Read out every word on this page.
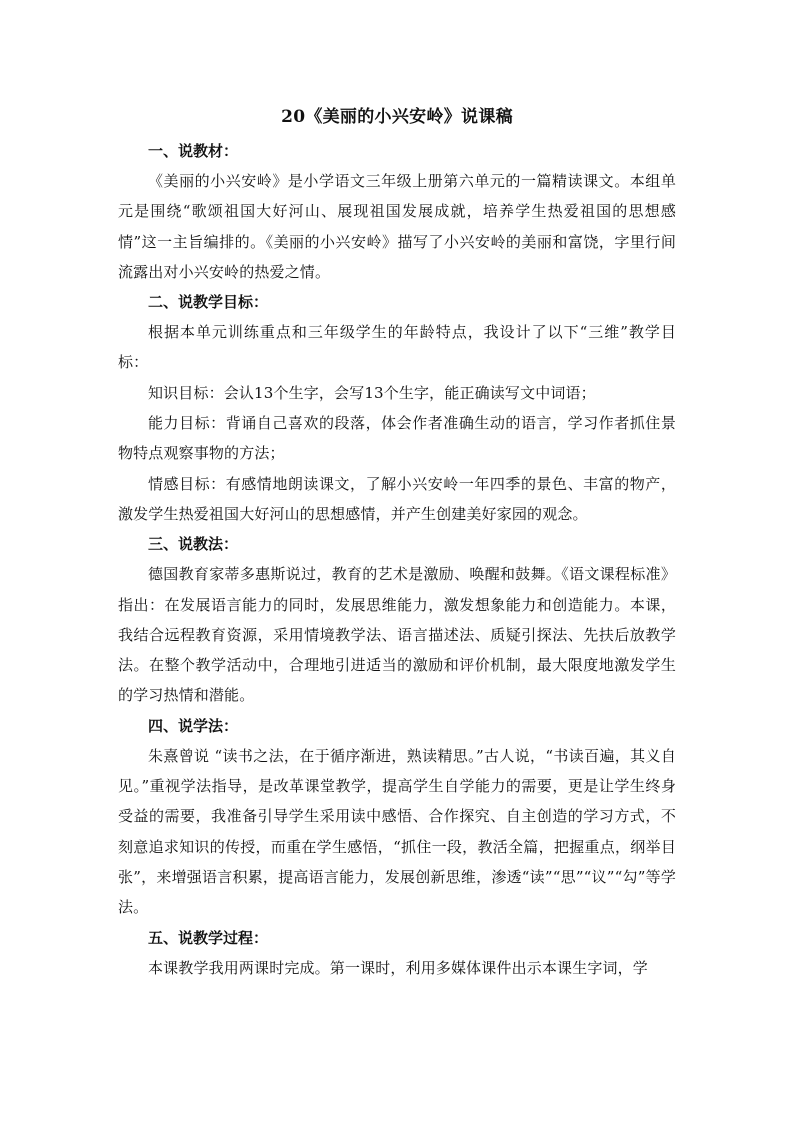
20《美丽的小兴安岭》说课稿

一、说教材：

《美丽的小兴安岭》是小学语文三年级上册第六单元的一篇精读课文。本组单元是围绕“歌颂祖国大好河山、展现祖国发展成就，培养学生热爱祖国的思想感情”这一主旨编排的。《美丽的小兴安岭》描写了小兴安岭的美丽和富饶，字里行间流露出对小兴安岭的热爱之情。

二、说教学目标：

根据本单元训练重点和三年级学生的年龄特点，我设计了以下“三维”教学目标：

知识目标：会认13个生字，会写13个生字，能正确读写文中词语；

能力目标：背诵自己喜欢的段落，体会作者准确生动的语言，学习作者抓住景物特点观察事物的方法；

情感目标：有感情地朗读课文，了解小兴安岭一年四季的景色、丰富的物产，激发学生热爱祖国大好河山的思想感情，并产生创建美好家园的观念。

三、说教法：

德国教育家蒂多惠斯说过，教育的艺术是激励、唤醒和鼓舞。《语文课程标准》指出：在发展语言能力的同时，发展思维能力，激发想象能力和创造能力。本课，我结合远程教育资源，采用情境教学法、语言描述法、质疑引探法、先扶后放教学法。在整个教学活动中，合理地引进适当的激励和评价机制，最大限度地激发学生的学习热情和潜能。

四、说学法：

朱熹曾说 “读书之法，在于循序渐进，熟读精思。”古人说，“书读百遍，其义自见。”重视学法指导，是改革课堂教学，提高学生自学能力的需要，更是让学生终身受益的需要，我准备引导学生采用读中感悟、合作探究、自主创造的学习方式，不刻意追求知识的传授，而重在学生感悟，“抓住一段，教活全篇，把握重点，纲举目张”，来增强语言积累，提高语言能力，发展创新思维，渗透“读”“思”“议”“勾”等学法。

五、说教学过程：

本课教学我用两课时完成。第一课时，利用多媒体课件出示本课生字词，学
